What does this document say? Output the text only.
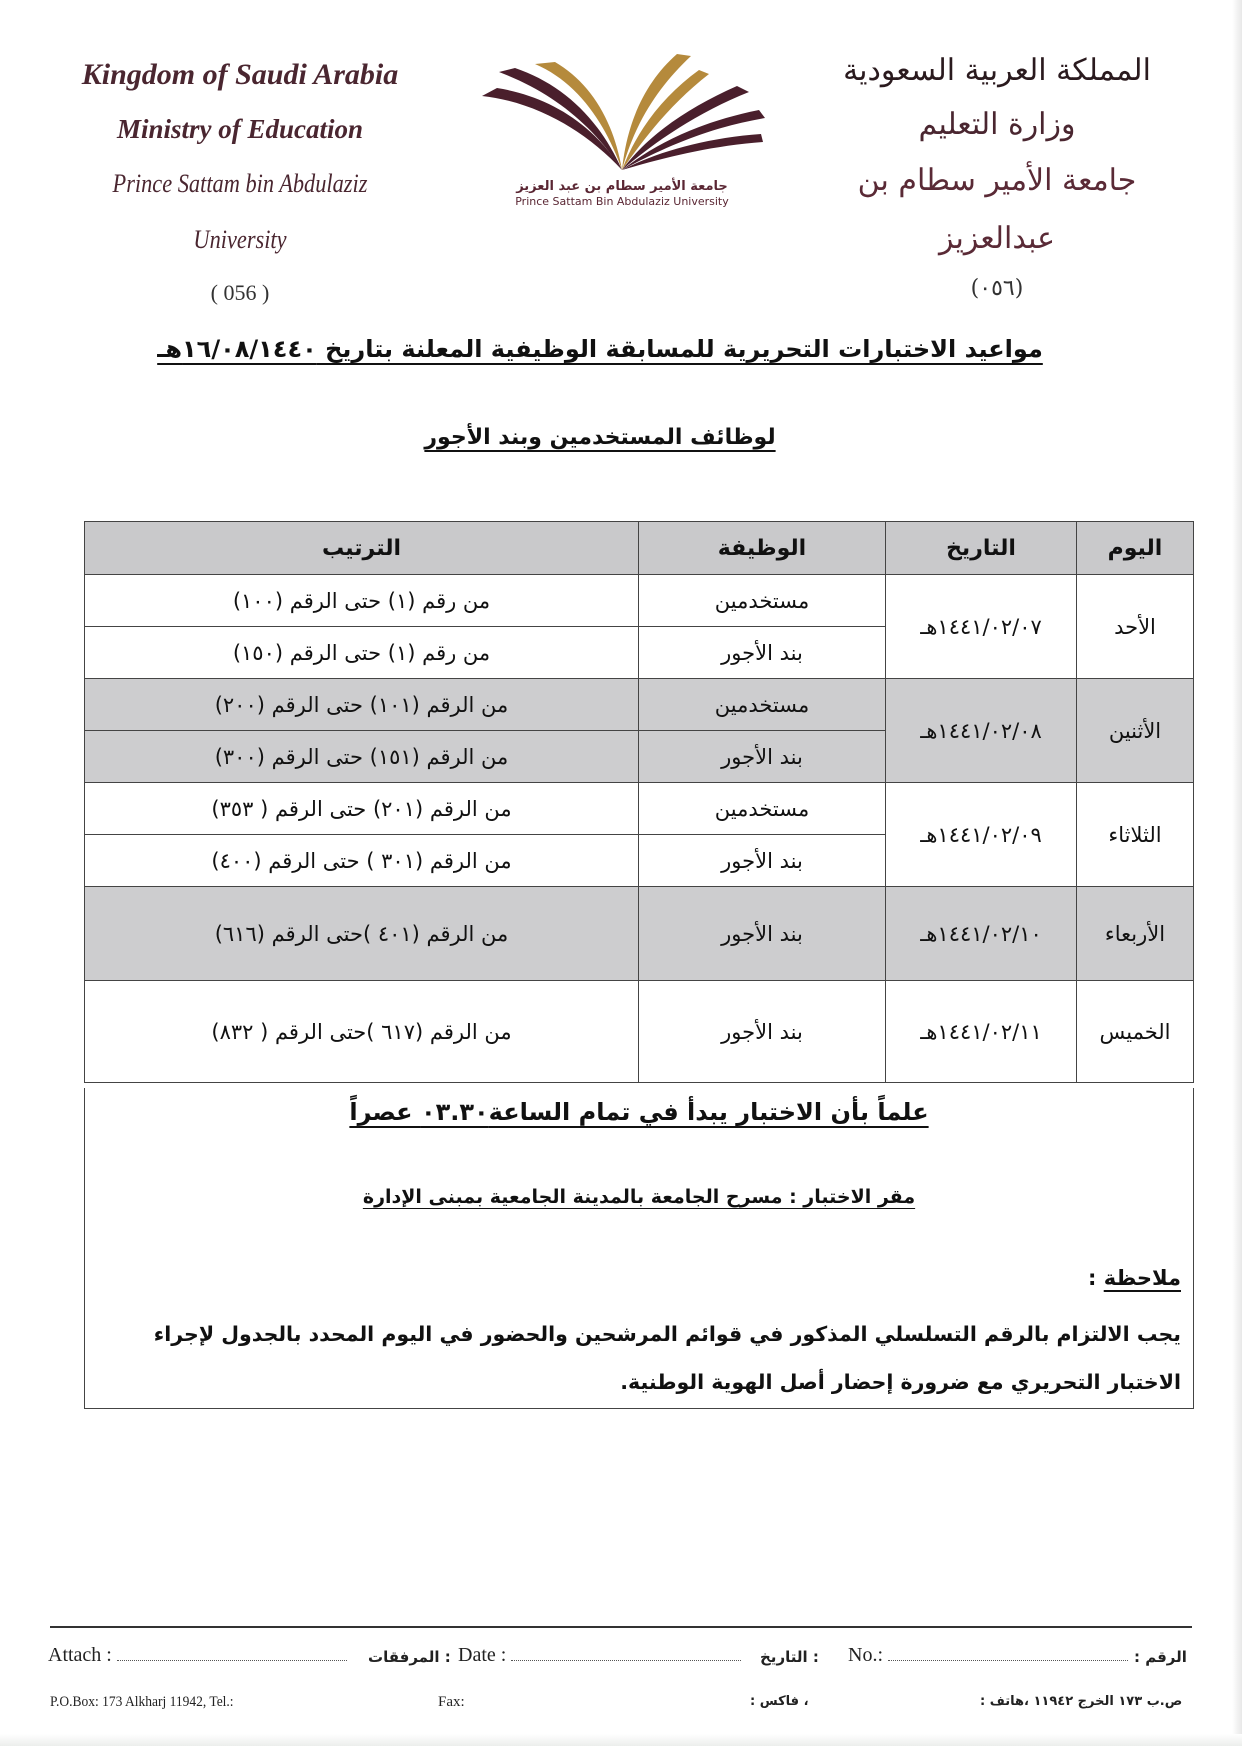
Kingdom of Saudi Arabia
Ministry of Education
Prince Sattam bin Abdulaziz University
( 056 )
جامعة الأمير سطام بن عبد العزيز
Prince Sattam Bin Abdulaziz University
المملكة العربية السعودية
وزارة التعليم
جامعة الأمير سطام بن عبدالعزيز
(٠٥٦)
مواعيد الاختبارات التحريرية للمسابقة الوظيفية المعلنة بتاريخ ١٦/٠٨/١٤٤٠هـ
لوظائف المستخدمين وبند الأجور
اليوم	التاريخ	الوظيفة	الترتيب
الأحد	١٤٤١/٠٢/٠٧هـ	مستخدمين	من رقم (١) حتى الرقم (١٠٠)
		بند الأجور	من رقم (١) حتى الرقم (١٥٠)
الأثنين	١٤٤١/٠٢/٠٨هـ	مستخدمين	من الرقم (١٠١) حتى الرقم (٢٠٠)
		بند الأجور	من الرقم (١٥١) حتى الرقم (٣٠٠)
الثلاثاء	١٤٤١/٠٢/٠٩هـ	مستخدمين	من الرقم (٢٠١) حتى الرقم ( ٣٥٣)
		بند الأجور	من الرقم (٣٠١ ) حتى الرقم (٤٠٠)
الأربعاء	١٤٤١/٠٢/١٠هـ	بند الأجور	من الرقم (٤٠١ )حتى الرقم (٦١٦)
الخميس	١٤٤١/٠٢/١١هـ	بند الأجور	من الرقم (٦١٧ )حتى الرقم ( ٨٣٢)
علماً بأن الاختبار يبدأ في تمام الساعة٠٣.٣٠ عصراً
مقر الاختبار : مسرح الجامعة بالمدينة الجامعية بمبنى الإدارة
ملاحظة :
يجب الالتزام بالرقم التسلسلي المذكور في قوائم المرشحين والحضور في اليوم المحدد بالجدول لإجراء الاختبار التحريري مع ضرورة إحضار أصل الهوية الوطنية.
Attach :	: المرفقات Date :	: التاريخ No.:	الرقم :
P.O.Box: 173 Alkharj 11942, Tel.:	Fax:	، فاكس :	ص.ب ١٧٣ الخرج ١١٩٤٢ ،هاتف :
